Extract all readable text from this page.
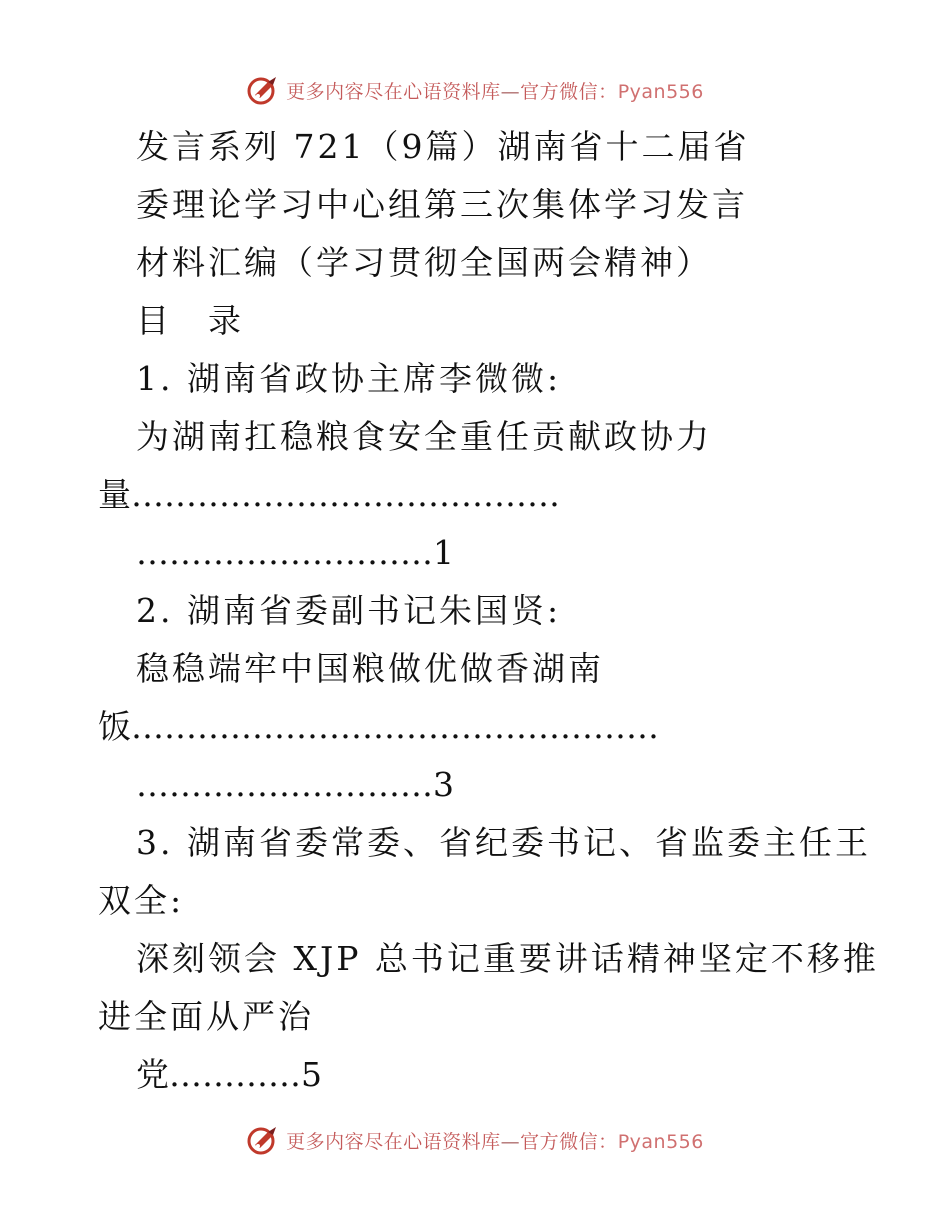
更多内容尽在心语资料库—官方微信：Pyan556
发言系列 721（9篇）湖南省十二届省
委理论学习中心组第三次集体学习发言
材料汇编（学习贯彻全国两会精神）
目　录
1. 湖南省政协主席李微微:
为湖南扛稳粮食安全重任贡献政协力
量…………………………………
………………………1
2. 湖南省委副书记朱国贤:
稳稳端牢中国粮做优做香湖南
饭…………………………………………
………………………3
3. 湖南省委常委、省纪委书记、省监委主任王
双全:
深刻领会 XJP 总书记重要讲话精神坚定不移推
进全面从严治
党…………5
更多内容尽在心语资料库—官方微信：Pyan556
